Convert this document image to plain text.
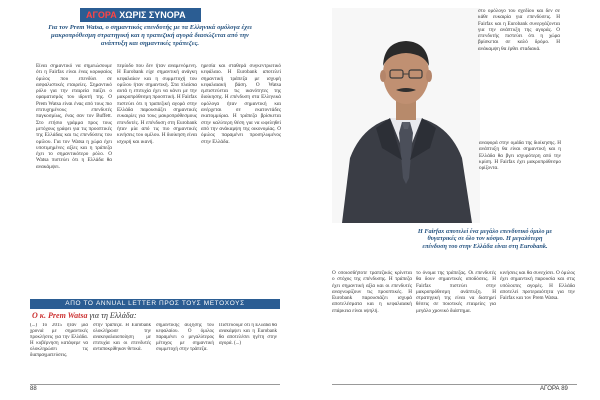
ΑΓΟΡΑ ΧΩΡΙΣ ΣΥΝΟΡΑ
Για τον Prem Watsa, ο σημαντικός επενδυτής με τα Ελληνικά ομόλογα έχει μακροπρόθεσμη στρατηγική και η τραπεζική αγορά διασώζεται από την ανάπτυξη και σημαντικές τράπεζες.
Είναι σημαντικό να σημειώσουμε ότι η Fairfax είναι ένας κορυφαίος όμιλος που επενδύει σε ασφαλιστικές εταιρείες. Σημαντικό ρόλο για την εταιρεία παίζει ο οραματισμός του ιδρυτή της. Ο Prem Watsa είναι ένας από τους πιο επιτυχημένους επενδυτές παγκοσμίως, ένας σαν τον Buffett. Στο ετήσιο γράμμα προς τους μετόχους γράφει για τις προοπτικές της Ελλάδας και τις επενδύσεις του ομίλου. Για τον Watsa η χώρα έχει υποτιμημένες αξίες και η τράπεζα έχει το σημαντικότερο ρόλο. Ο Watsa πιστεύει ότι η Ελλάδα θα ανακάμψει.
περίοδο που δεν ήταν αναμενόμενη. Η Eurobank είχε σημαντική ανάγκη κεφαλαίων και η συμμετοχή του ομίλου ήταν σημαντική. Στα πλαίσια αυτά η επιτυχία έχει να κάνει με την μακροπρόθεσμη προοπτική. Η Fairfax πιστεύει ότι η τραπεζική αγορά στην Ελλάδα παρουσιάζει σημαντικές ευκαιρίες για τους μακροπρόθεσμους επενδυτές. Η επένδυση στη Eurobank ήταν μία από τις πιο σημαντικές κινήσεις του ομίλου. Η διοίκηση είναι ισχυρή και ικανή.
ηρεσία και σταθερά συγκεντρωτικό κεφάλαιο. Η Eurobank αποτελεί σημαντική τράπεζα με ισχυρή κεφαλαιακή βάση. Ο Watsa εμπιστεύεται τις ικανότητες της διοίκησης. Η επένδυση στα Ελληνικά ομόλογα ήταν σημαντική και ανέρχεται σε εκατοντάδες εκατομμύρια. Η τράπεζα βρίσκεται στην καλύτερη θέση για να ωφεληθεί από την ανάκαμψη της οικονομίας. Ο όμιλος παραμένει προσηλωμένος στην Ελλάδα.
ΑΠΟ ΤΟ ANNUAL LETTER ΠΡΟΣ ΤΟΥΣ ΜΕΤΟΧΟΥΣ
Ο κ. Prem Watsa για τη Ελλάδα:
(...) Το 2015 ήταν μια χρονιά με σημαντικές προκλήσεις για την Ελλάδα. Η κυβέρνηση κατάφερε να ολοκληρώσει τις διαπραγματεύσεις.
στην τράπεζα. Η Eurobank ολοκλήρωσε την ανακεφαλαιοποίηση με επιτυχία και οι επενδυτές ανταποκρίθηκαν θετικά.
σημαντικής αύξησης του κεφαλαίου. Ο όμιλος παραμένει ο μεγαλύτερος μέτοχος με σημαντική συμμετοχή στην τράπεζα.
Πιστεύουμε ότι η Ελλάδα θα ανακάμψει και η Eurobank θα αποτελέσει ηγέτη στην αγορά. (...)
88
στο ομόλογο του σχεδίου και δεν σε κάθε ευκαιρία για επενδύσεις. Η Fairfax και η Eurobank συνεργάζονται για την ανάπτυξη της αγοράς. Ο επενδυτής πιστεύει ότι η χώρα βρίσκεται σε καλό δρόμο. Η ανάκαμψη θα έρθει σταδιακά.
αναφορά στην ομάδα της διοίκησης. Η ανάπτυξη θα είναι σημαντική και η Ελλάδα θα βγει ισχυρότερη από την κρίση. Η Fairfax έχει μακροπρόθεσμο ορίζοντα.
Η Fairfax αποτελεί ένα μεγάλο επενδυτικό όμιλο με θυγατρικές σε όλο τον κόσμο. Η μεγαλύτερη επένδυση του στην Ελλάδα είναι στη Eurobank.
Ο οποιοσδήποτε τραπεζικός κρίνεται ο στόχος της επένδυσης. Η τράπεζα έχει σημαντική αξία και οι επενδυτές αναγνωρίζουν τις προοπτικές. Η Eurobank παρουσιάζει ισχυρά αποτελέσματα και η κεφαλαιακή επάρκεια είναι υψηλή.
το όνομα της τράπεζας. Οι επενδυτές θα δουν σημαντικές αποδόσεις. Η Fairfax πιστεύει στην μακροπρόθεσμη ανάπτυξη. Η στρατηγική της είναι να διατηρεί θέσεις σε ποιοτικές εταιρείες για μεγάλο χρονικό διάστημα.
κινήσεις και θα συνεχίσει. Ο όμιλος έχει σημαντική παρουσία και στις υπόλοιπες αγορές. Η Ελλάδα αποτελεί προτεραιότητα για την Fairfax και τον Prem Watsa.
ΑΓΟΡΑ 89
